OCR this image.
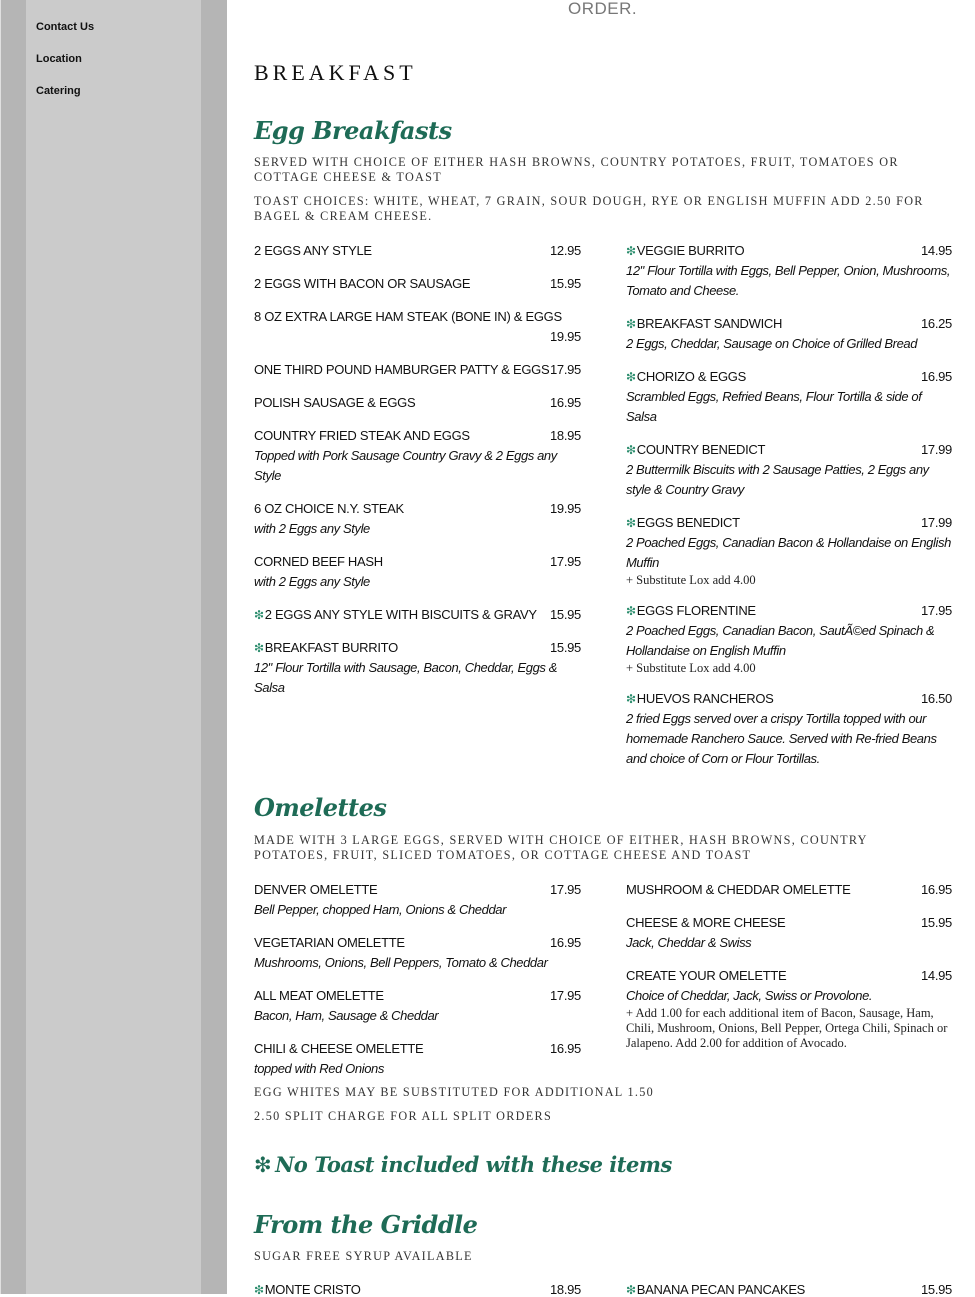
Contact Us
Location
Catering
ORDER.
BREAKFAST
Egg Breakfasts
SERVED WITH CHOICE OF EITHER HASH BROWNS, COUNTRY POTATOES, FRUIT, TOMATOES OR COTTAGE CHEESE & TOAST
TOAST CHOICES: WHITE, WHEAT, 7 GRAIN, SOUR DOUGH, RYE OR ENGLISH MUFFIN ADD 2.50 FOR BAGEL & CREAM CHEESE.
2 EGGS ANY STYLE	12.95
2 EGGS WITH BACON OR SAUSAGE	15.95
8 OZ EXTRA LARGE HAM STEAK (BONE IN) & EGGS
19.95
ONE THIRD POUND HAMBURGER PATTY & EGGS 17.95
POLISH SAUSAGE & EGGS	16.95
COUNTRY FRIED STEAK AND EGGS	18.95
Topped with Pork Sausage Country Gravy & 2 Eggs any Style
6 OZ CHOICE N.Y. STEAK	19.95
with 2 Eggs any Style
CORNED BEEF HASH	17.95
with 2 Eggs any Style
❇2 EGGS ANY STYLE WITH BISCUITS & GRAVY	15.95
❇BREAKFAST BURRITO	15.95
12" Flour Tortilla with Sausage, Bacon, Cheddar, Eggs & Salsa
❇VEGGIE BURRITO	14.95
12" Flour Tortilla with Eggs, Bell Pepper, Onion, Mushrooms, Tomato and Cheese.
❇BREAKFAST SANDWICH	16.25
2 Eggs, Cheddar, Sausage on Choice of Grilled Bread
❇CHORIZO & EGGS	16.95
Scrambled Eggs, Refried Beans, Flour Tortilla & side of Salsa
❇COUNTRY BENEDICT	17.99
2 Buttermilk Biscuits with 2 Sausage Patties, 2 Eggs any style & Country Gravy
❇EGGS BENEDICT	17.99
2 Poached Eggs, Canadian Bacon & Hollandaise on English Muffin
+ Substitute Lox add 4.00
❇EGGS FLORENTINE	17.95
2 Poached Eggs, Canadian Bacon, SautÃ©ed Spinach & Hollandaise on English Muffin
+ Substitute Lox add 4.00
❇HUEVOS RANCHEROS	16.50
2 fried Eggs served over a crispy Tortilla topped with our homemade Ranchero Sauce. Served with Re-fried Beans and choice of Corn or Flour Tortillas.
Omelettes
MADE WITH 3 LARGE EGGS, SERVED WITH CHOICE OF EITHER, HASH BROWNS, COUNTRY POTATOES, FRUIT, SLICED TOMATOES, OR COTTAGE CHEESE AND TOAST
DENVER OMELETTE	17.95
Bell Pepper, chopped Ham, Onions & Cheddar
VEGETARIAN OMELETTE	16.95
Mushrooms, Onions, Bell Peppers, Tomato & Cheddar
ALL MEAT OMELETTE	17.95
Bacon, Ham, Sausage & Cheddar
CHILI & CHEESE OMELETTE	16.95
topped with Red Onions
MUSHROOM & CHEDDAR OMELETTE	16.95
CHEESE & MORE CHEESE	15.95
Jack, Cheddar & Swiss
CREATE YOUR OMELETTE	14.95
Choice of Cheddar, Jack, Swiss or Provolone.
+ Add 1.00 for each additional item of Bacon, Sausage, Ham, Chili, Mushroom, Onions, Bell Pepper, Ortega Chili, Spinach or Jalapeno. Add 2.00 for addition of Avocado.
EGG WHITES MAY BE SUBSTITUTED FOR ADDITIONAL 1.50
2.50 SPLIT CHARGE FOR ALL SPLIT ORDERS
❇ No Toast included with these items
From the Griddle
SUGAR FREE SYRUP AVAILABLE
❇MONTE CRISTO	18.95	❇BANANA PECAN PANCAKES	15.95
